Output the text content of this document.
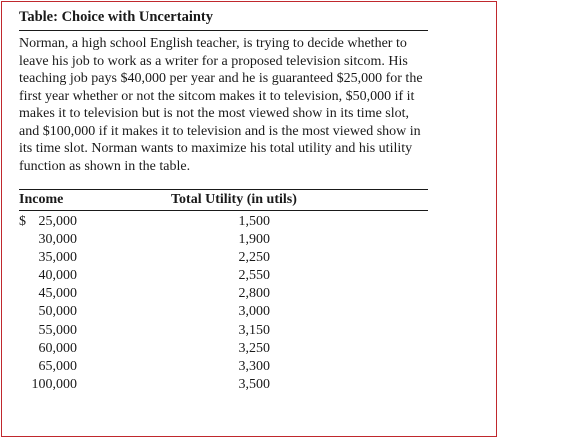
Table: Choice with Uncertainty
Norman, a high school English teacher, is trying to decide whether to leave his job to work as a writer for a proposed television sitcom. His teaching job pays $40,000 per year and he is guaranteed $25,000 for the first year whether or not the sitcom makes it to television, $50,000 if it makes it to television but is not the most viewed show in its time slot, and $100,000 if it makes it to television and is the most viewed show in its time slot. Norman wants to maximize his total utility and his utility function as shown in the table.
Income	Total Utility (in utils)
$ 25,000	1,500
30,000	1,900
35,000	2,250
40,000	2,550
45,000	2,800
50,000	3,000
55,000	3,150
60,000	3,250
65,000	3,300
100,000	3,500
